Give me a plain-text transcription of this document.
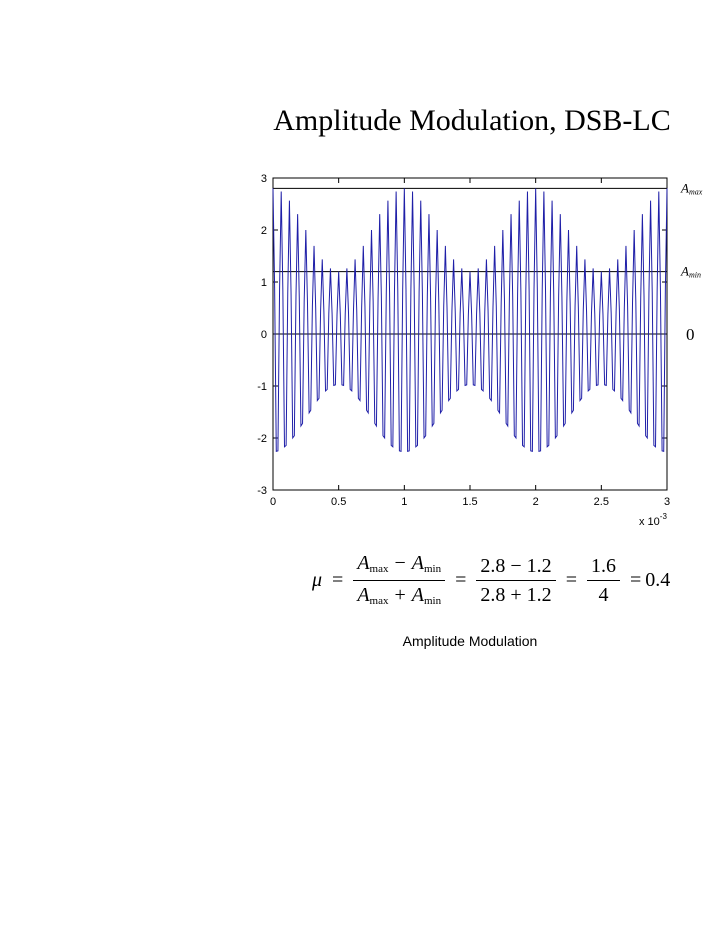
Amplitude Modulation, DSB-LC
0	0.5	1	1.5	2	2.5	3
3
2
1
0
-1
-2
-3
Amax
Amin
0
x $10^{-3}$
$\mu = \frac{Amax - Amin}{Amax + Amin} = \frac{2.8 - 1.2}{2.8 + 1.2} = \frac{1.6}{4} = 0.4$
Amplitude Modulation
